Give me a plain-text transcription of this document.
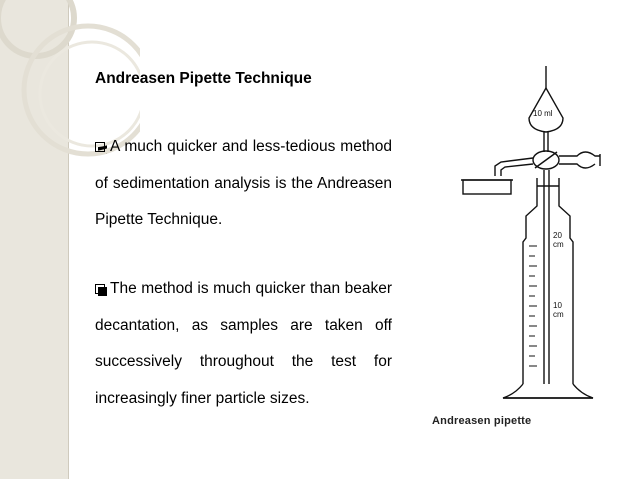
Andreasen Pipette Technique
A much quicker and less-tedious method of sedimentation analysis is the Andreasen Pipette Technique.
The method is much quicker than beaker decantation, as samples are taken off successively throughout the test for increasingly finer particle sizes.
10 ml
20
cm
10
cm
Andreasen pipette
